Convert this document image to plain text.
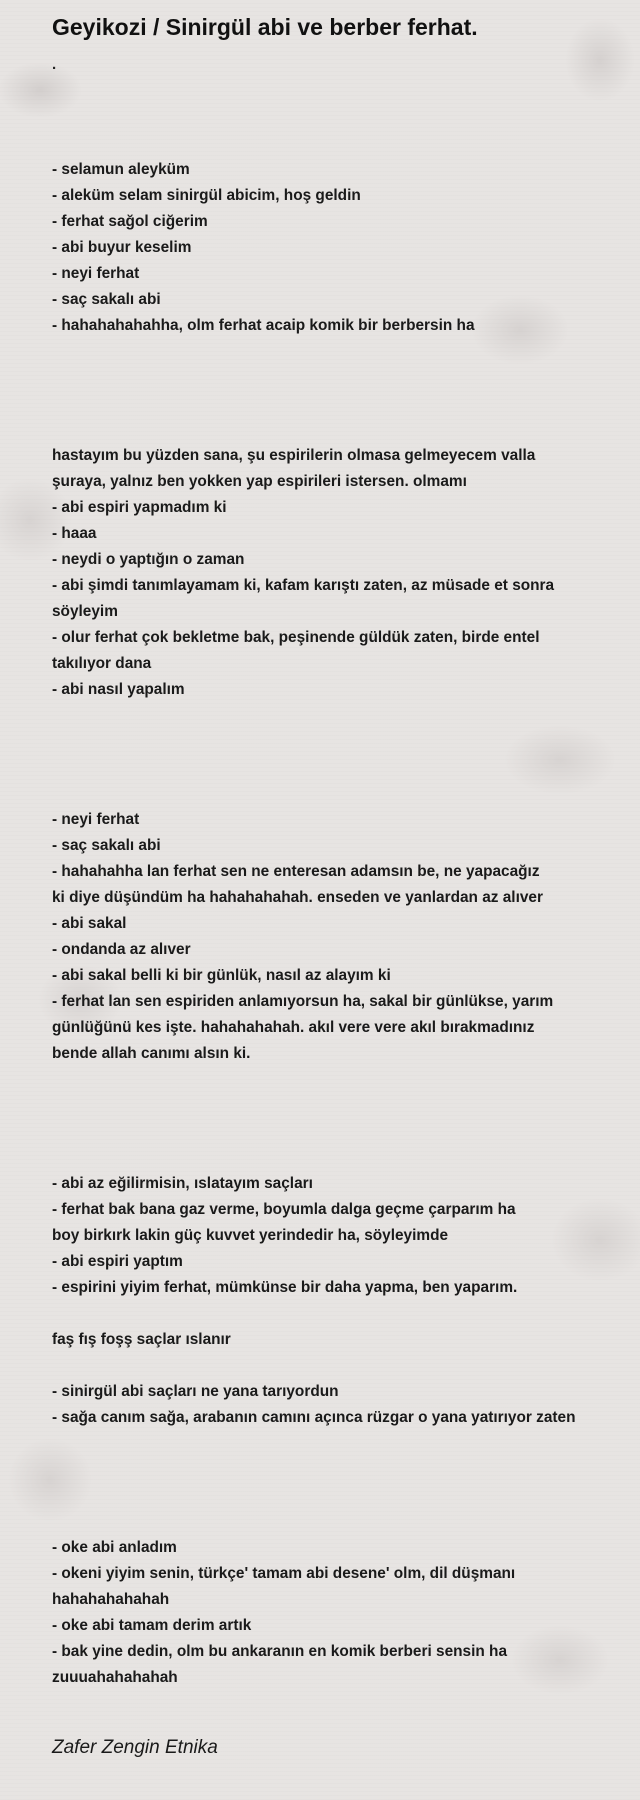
Geyikozi / Sinirgül abi ve berber ferhat.
.
- selamun aleyküm
- aleküm selam sinirgül abicim, hoş geldin
- ferhat sağol ciğerim
- abi buyur keselim
- neyi ferhat
- saç sakalı abi
- hahahahahahha, olm ferhat acaip komik bir berbersin ha
hastayım bu yüzden sana, şu espirilerin olmasa gelmeyecem valla
şuraya, yalnız ben yokken yap espirileri istersen. olmamı
- abi espiri yapmadım ki
- haaa
- neydi o yaptığın o zaman
- abi şimdi tanımlayamam ki, kafam karıştı zaten, az müsade et sonra
söyleyim
- olur ferhat çok bekletme bak, peşinende güldük zaten, birde entel
takılıyor dana
- abi nasıl yapalım
- neyi ferhat
- saç sakalı abi
- hahahahha lan ferhat sen ne enteresan adamsın be, ne yapacağız
ki diye düşündüm ha hahahahahah. enseden ve yanlardan az alıver
- abi sakal
- ondanda az alıver
- abi sakal belli ki bir günlük, nasıl az alayım ki
- ferhat lan sen espiriden anlamıyorsun ha, sakal bir günlükse, yarım
günlüğünü kes işte. hahahahahah. akıl vere vere akıl bırakmadınız
bende allah canımı alsın ki.
- abi az eğilirmisin, ıslatayım saçları
- ferhat bak bana gaz verme, boyumla dalga geçme çarparım ha
boy birkırk lakin güç kuvvet yerindedir ha, söyleyimde
- abi espiri yaptım
- espirini yiyim ferhat, mümkünse bir daha yapma, ben yaparım.
faş fış foşş saçlar ıslanır
- sinirgül abi saçları ne yana tarıyordun
- sağa canım sağa, arabanın camını açınca rüzgar o yana yatırıyor zaten
- oke abi anladım
- okeni yiyim senin, türkçe' tamam abi desene' olm, dil düşmanı
hahahahahahah
- oke abi tamam derim artık
- bak yine dedin, olm bu ankaranın en komik berberi sensin ha
zuuuahahahahah
Zafer Zengin Etnika
